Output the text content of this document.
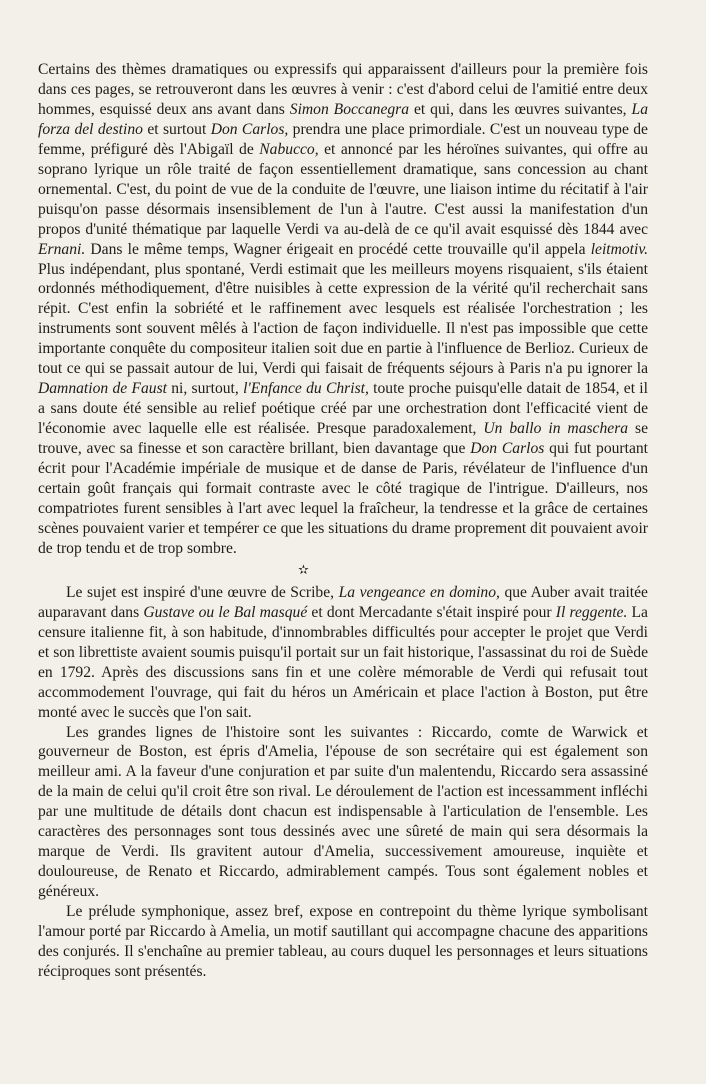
Certains des thèmes dramatiques ou expressifs qui apparaissent d'ailleurs pour la première fois dans ces pages, se retrouveront dans les œuvres à venir : c'est d'abord celui de l'amitié entre deux hommes, esquissé deux ans avant dans Simon Boccanegra et qui, dans les œuvres suivantes, La forza del destino et surtout Don Carlos, prendra une place primordiale. C'est un nouveau type de femme, préfiguré dès l'Abigaïl de Nabucco, et annoncé par les héroïnes suivantes, qui offre au soprano lyrique un rôle traité de façon essentiellement dramatique, sans concession au chant ornemental. C'est, du point de vue de la conduite de l'œuvre, une liaison intime du récitatif à l'air puisqu'on passe désormais insensiblement de l'un à l'autre. C'est aussi la manifestation d'un propos d'unité thématique par laquelle Verdi va au-delà de ce qu'il avait esquissé dès 1844 avec Ernani. Dans le même temps, Wagner érigeait en procédé cette trouvaille qu'il appela leitmotiv. Plus indépendant, plus spontané, Verdi estimait que les meilleurs moyens risquaient, s'ils étaient ordonnés méthodiquement, d'être nuisibles à cette expression de la vérité qu'il recherchait sans répit. C'est enfin la sobriété et le raffinement avec lesquels est réalisée l'orchestration ; les instruments sont souvent mêlés à l'action de façon individuelle. Il n'est pas impossible que cette importante conquête du compositeur italien soit due en partie à l'influence de Berlioz. Curieux de tout ce qui se passait autour de lui, Verdi qui faisait de fréquents séjours à Paris n'a pu ignorer la Damnation de Faust ni, surtout, l'Enfance du Christ, toute proche puisqu'elle datait de 1854, et il a sans doute été sensible au relief poétique créé par une orchestration dont l'efficacité vient de l'économie avec laquelle elle est réalisée. Presque paradoxalement, Un ballo in maschera se trouve, avec sa finesse et son caractère brillant, bien davantage que Don Carlos qui fut pourtant écrit pour l'Académie impériale de musique et de danse de Paris, révélateur de l'influence d'un certain goût français qui formait contraste avec le côté tragique de l'intrigue. D'ailleurs, nos compatriotes furent sensibles à l'art avec lequel la fraîcheur, la tendresse et la grâce de certaines scènes pouvaient varier et tempérer ce que les situations du drame proprement dit pouvaient avoir de trop tendu et de trop sombre.

✫

Le sujet est inspiré d'une œuvre de Scribe, La vengeance en domino, que Auber avait traitée auparavant dans Gustave ou le Bal masqué et dont Mercadante s'était inspiré pour Il reggente. La censure italienne fit, à son habitude, d'innombrables difficultés pour accepter le projet que Verdi et son librettiste avaient soumis puisqu'il portait sur un fait historique, l'assassinat du roi de Suède en 1792. Après des discussions sans fin et une colère mémorable de Verdi qui refusait tout accommodement l'ouvrage, qui fait du héros un Américain et place l'action à Boston, put être monté avec le succès que l'on sait.

Les grandes lignes de l'histoire sont les suivantes : Riccardo, comte de Warwick et gouverneur de Boston, est épris d'Amelia, l'épouse de son secrétaire qui est également son meilleur ami. A la faveur d'une conjuration et par suite d'un malentendu, Riccardo sera assassiné de la main de celui qu'il croit être son rival. Le déroulement de l'action est incessamment infléchi par une multitude de détails dont chacun est indispensable à l'articulation de l'ensemble. Les caractères des personnages sont tous dessinés avec une sûreté de main qui sera désormais la marque de Verdi. Ils gravitent autour d'Amelia, successivement amoureuse, inquiète et douloureuse, de Renato et Riccardo, admirablement campés. Tous sont également nobles et généreux.

Le prélude symphonique, assez bref, expose en contrepoint du thème lyrique symbolisant l'amour porté par Riccardo à Amelia, un motif sautillant qui accompagne chacune des apparitions des conjurés. Il s'enchaîne au premier tableau, au cours duquel les personnages et leurs situations réciproques sont présentés.
